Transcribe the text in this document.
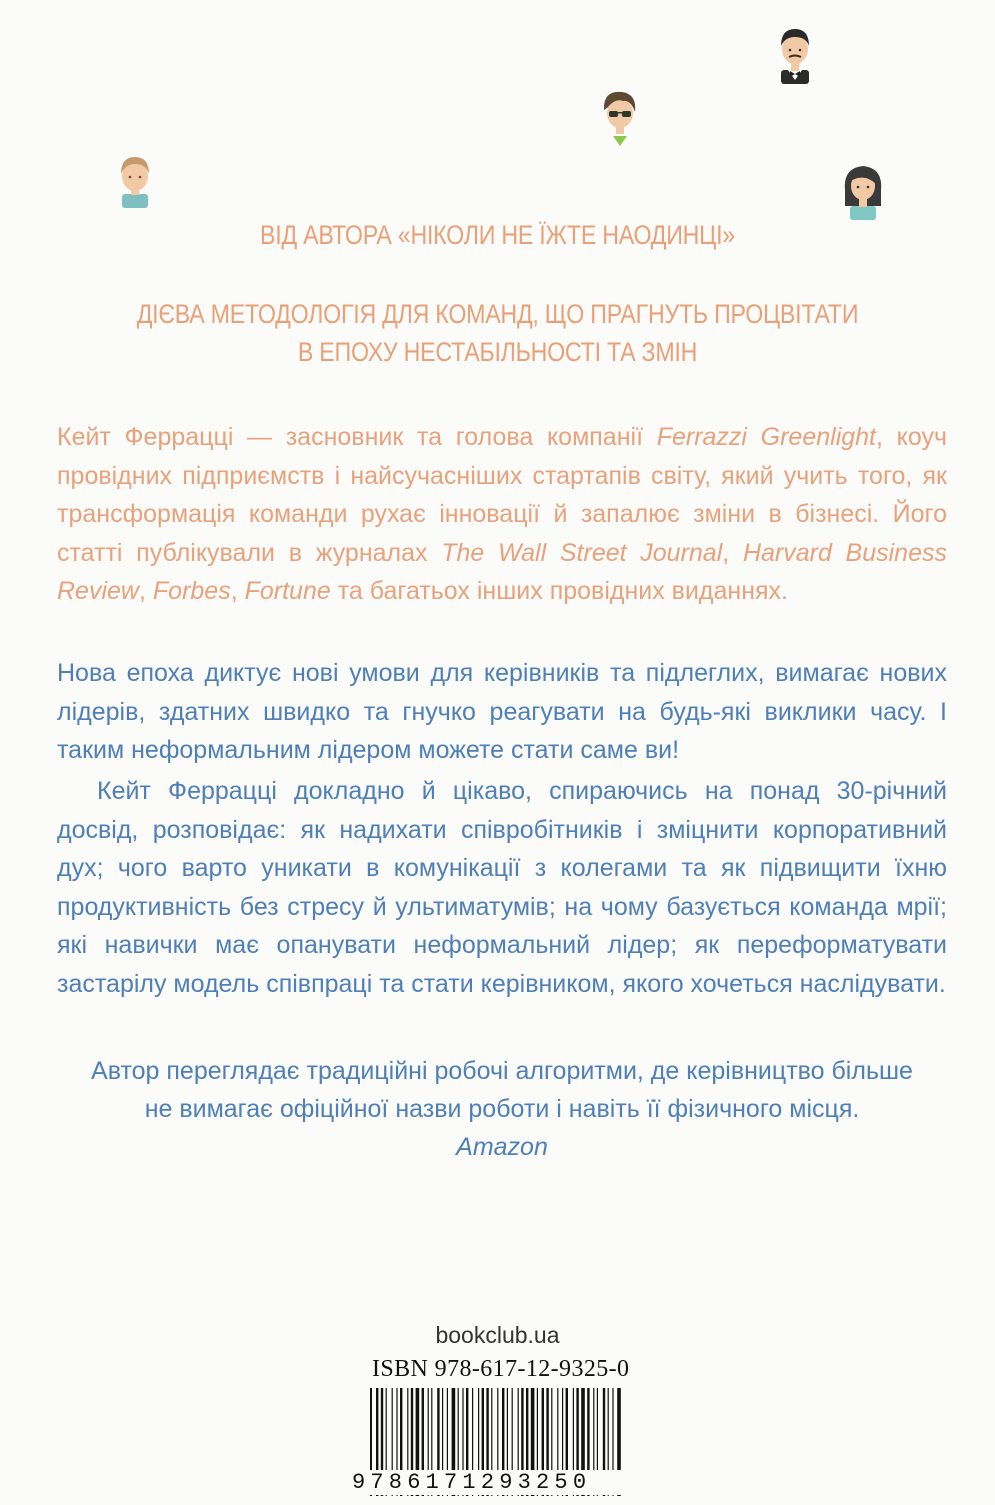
ВІД АВТОРА «НІКОЛИ НЕ ЇЖТЕ НАОДИНЦІ»
ДІЄВА МЕТОДОЛОГІЯ ДЛЯ КОМАНД, ЩО ПРАГНУТЬ ПРОЦВІТАТИ
В ЕПОХУ НЕСТАБІЛЬНОСТІ ТА ЗМІН
Кейт Феррацці — засновник та голова компанії Ferrazzi Greenlight, коуч провідних підприємств і найсучасніших стартапів світу, який учить того, як трансформація команди рухає інновації й запалює зміни в бізнесі. Його статті публікували в журналах The Wall Street Journal, Harvard Business Review, Forbes, Fortune та багатьох інших провідних виданнях.
Нова епоха диктує нові умови для керівників та підлеглих, вимагає нових лідерів, здатних швидко та гнучко реагувати на будь-які виклики часу. І таким неформальним лідером можете стати саме ви!
Кейт Феррацці докладно й цікаво, спираючись на понад 30-річний досвід, розповідає: як надихати співробітників і зміцнити корпоративний дух; чого варто уникати в комунікації з колегами та як підвищити їхню продуктивність без стресу й ультиматумів; на чому базується команда мрії; які навички має опанувати неформальний лідер; як переформатувати застарілу модель співпраці та стати керівником, якого хочеться наслідувати.
Автор переглядає традиційні робочі алгоритми, де керівництво більше
не вимагає офіційної назви роботи і навіть її фізичного місця.
Amazon
bookclub.ua
ISBN 978-617-12-9325-0
9786171293250
